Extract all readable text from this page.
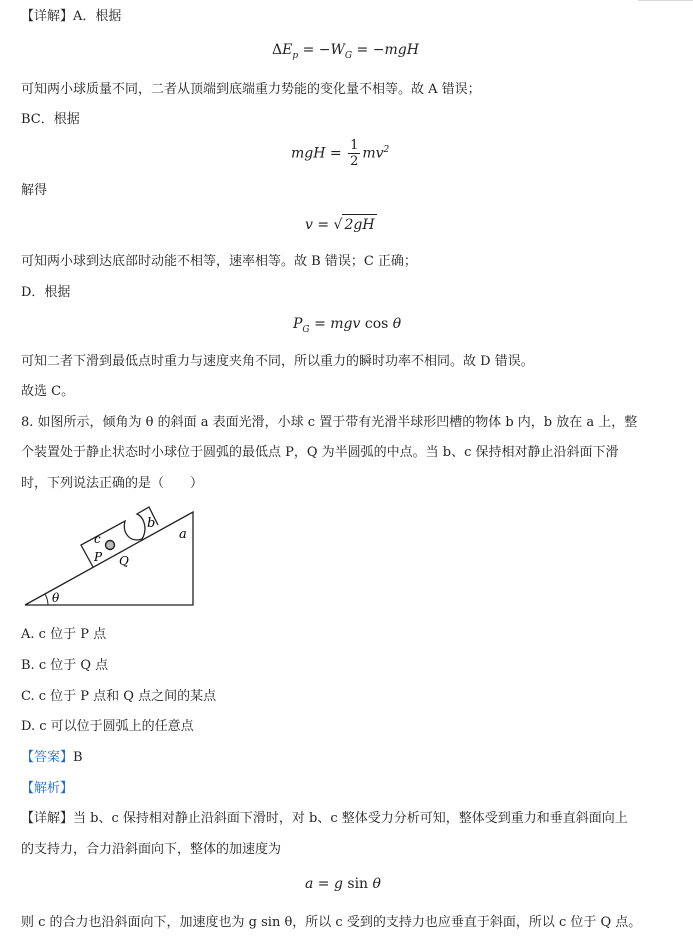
【详解】A．根据
$\Delta E_p = -W_G = -mgH$
可知两小球质量不同，二者从顶端到底端重力势能的变化量不相等。故 A 错误；
BC．根据
mgH = $\frac{1}{2} mv^2$
解得
v = √ 2gH
可知两小球到达底部时动能不相等，速率相等。故 B 错误；C 正确；
D．根据
$P_G$ = mgv cos θ
可知二者下滑到最低点时重力与速度夹角不同，所以重力的瞬时功率不相同。故 D 错误。
故选 C。
8. 如图所示，倾角为 θ 的斜面 a 表面光滑，小球 c 置于带有光滑半球形凹槽的物体 b 内，b 放在 a 上，整
个装置处于静止状态时小球位于圆弧的最低点 P，Q 为半圆弧的中点。当 b、c 保持相对静止沿斜面下滑
时，下列说法正确的是（　　）
c
P Q
b
a
θ
A. c 位于 P 点
B. c 位于 Q 点
C. c 位于 P 点和 Q 点之间的某点
D. c 可以位于圆弧上的任意点
【答案】B
【解析】
【详解】当 b、c 保持相对静止沿斜面下滑时，对 b、c 整体受力分析可知，整体受到重力和垂直斜面向上
的支持力，合力沿斜面向下，整体的加速度为
a = g sin θ
则 c 的合力也沿斜面向下，加速度也为 g sin θ，所以 c 受到的支持力也应垂直于斜面，所以 c 位于 Q 点。
